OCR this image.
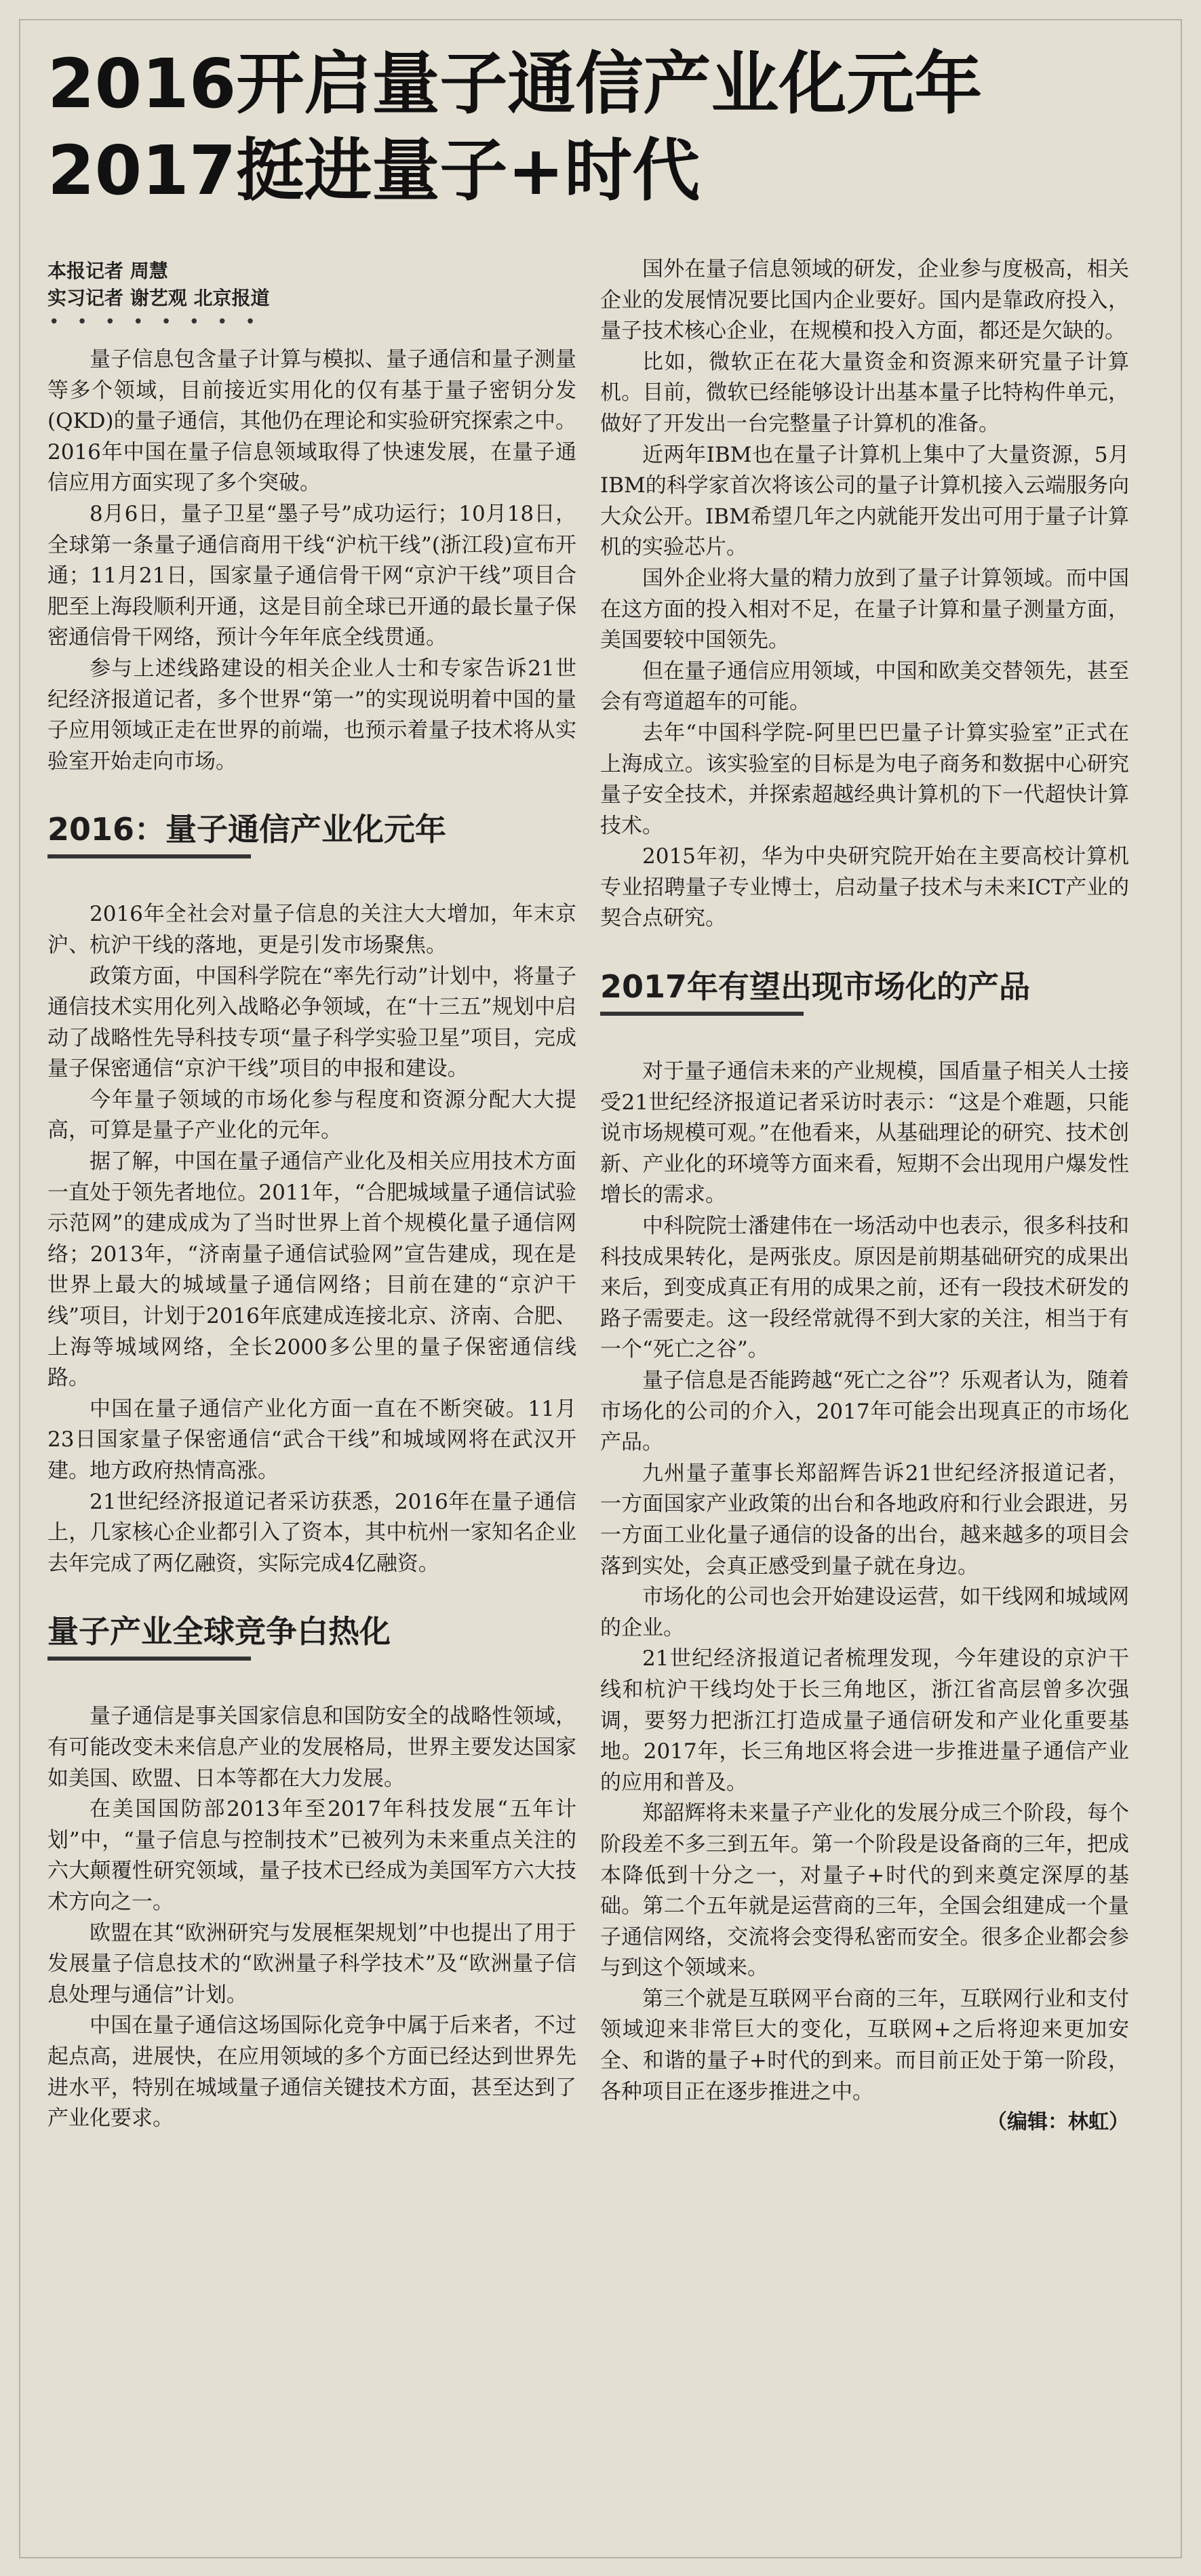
2016开启量子通信产业化元年
2017挺进量子+时代
本报记者 周慧
实习记者 谢艺观 北京报道
••••••••

量子信息包含量子计算与模拟、量子通信和量子测量等多个领域，目前接近实用化的仅有基于量子密钥分发(QKD)的量子通信，其他仍在理论和实验研究探索之中。2016年中国在量子信息领域取得了快速发展，在量子通信应用方面实现了多个突破。

8月6日，量子卫星“墨子号”成功运行；10月18日，全球第一条量子通信商用干线“沪杭干线”(浙江段)宣布开通；11月21日，国家量子通信骨干网“京沪干线”项目合肥至上海段顺利开通，这是目前全球已开通的最长量子保密通信骨干网络，预计今年年底全线贯通。

参与上述线路建设的相关企业人士和专家告诉21世纪经济报道记者，多个世界“第一”的实现说明着中国的量子应用领域正走在世界的前端，也预示着量子技术将从实验室开始走向市场。

2016：量子通信产业化元年

2016年全社会对量子信息的关注大大增加，年末京沪、杭沪干线的落地，更是引发市场聚焦。

政策方面，中国科学院在“率先行动”计划中，将量子通信技术实用化列入战略必争领域，在“十三五”规划中启动了战略性先导科技专项“量子科学实验卫星”项目，完成量子保密通信“京沪干线”项目的申报和建设。

今年量子领域的市场化参与程度和资源分配大大提高，可算是量子产业化的元年。

据了解，中国在量子通信产业化及相关应用技术方面一直处于领先者地位。2011年，“合肥城域量子通信试验示范网”的建成成为了当时世界上首个规模化量子通信网络；2013年，“济南量子通信试验网”宣告建成，现在是世界上最大的城域量子通信网络；目前在建的“京沪干线”项目，计划于2016年底建成连接北京、济南、合肥、上海等城域网络，全长2000多公里的量子保密通信线路。

中国在量子通信产业化方面一直在不断突破。11月23日国家量子保密通信“武合干线”和城域网将在武汉开建。地方政府热情高涨。

21世纪经济报道记者采访获悉，2016年在量子通信上，几家核心企业都引入了资本，其中杭州一家知名企业去年完成了两亿融资，实际完成4亿融资。

量子产业全球竞争白热化

量子通信是事关国家信息和国防安全的战略性领域，有可能改变未来信息产业的发展格局，世界主要发达国家如美国、欧盟、日本等都在大力发展。

在美国国防部2013年至2017年科技发展“五年计划”中，“量子信息与控制技术”已被列为未来重点关注的六大颠覆性研究领域，量子技术已经成为美国军方六大技术方向之一。

欧盟在其“欧洲研究与发展框架规划”中也提出了用于发展量子信息技术的“欧洲量子科学技术”及“欧洲量子信息处理与通信”计划。

中国在量子通信这场国际化竞争中属于后来者，不过起点高，进展快，在应用领域的多个方面已经达到世界先进水平，特别在城域量子通信关键技术方面，甚至达到了产业化要求。

国外在量子信息领域的研发，企业参与度极高，相关企业的发展情况要比国内企业要好。国内是靠政府投入，量子技术核心企业，在规模和投入方面，都还是欠缺的。

比如，微软正在花大量资金和资源来研究量子计算机。目前，微软已经能够设计出基本量子比特构件单元，做好了开发出一台完整量子计算机的准备。

近两年IBM也在量子计算机上集中了大量资源，5月IBM的科学家首次将该公司的量子计算机接入云端服务向大众公开。IBM希望几年之内就能开发出可用于量子计算机的实验芯片。

国外企业将大量的精力放到了量子计算领域。而中国在这方面的投入相对不足，在量子计算和量子测量方面，美国要较中国领先。

但在量子通信应用领域，中国和欧美交替领先，甚至会有弯道超车的可能。

去年“中国科学院-阿里巴巴量子计算实验室”正式在上海成立。该实验室的目标是为电子商务和数据中心研究量子安全技术，并探索超越经典计算机的下一代超快计算技术。

2015年初，华为中央研究院开始在主要高校计算机专业招聘量子专业博士，启动量子技术与未来ICT产业的契合点研究。

2017年有望出现市场化的产品

对于量子通信未来的产业规模，国盾量子相关人士接受21世纪经济报道记者采访时表示：“这是个难题，只能说市场规模可观。”在他看来，从基础理论的研究、技术创新、产业化的环境等方面来看，短期不会出现用户爆发性增长的需求。

中科院院士潘建伟在一场活动中也表示，很多科技和科技成果转化，是两张皮。原因是前期基础研究的成果出来后，到变成真正有用的成果之前，还有一段技术研发的路子需要走。这一段经常就得不到大家的关注，相当于有一个“死亡之谷”。

量子信息是否能跨越“死亡之谷”？乐观者认为，随着市场化的公司的介入，2017年可能会出现真正的市场化产品。

九州量子董事长郑韶辉告诉21世纪经济报道记者，一方面国家产业政策的出台和各地政府和行业会跟进，另一方面工业化量子通信的设备的出台，越来越多的项目会落到实处，会真正感受到量子就在身边。

市场化的公司也会开始建设运营，如干线网和城域网的企业。

21世纪经济报道记者梳理发现，今年建设的京沪干线和杭沪干线均处于长三角地区，浙江省高层曾多次强调，要努力把浙江打造成量子通信研发和产业化重要基地。2017年，长三角地区将会进一步推进量子通信产业的应用和普及。

郑韶辉将未来量子产业化的发展分成三个阶段，每个阶段差不多三到五年。第一个阶段是设备商的三年，把成本降低到十分之一，对量子+时代的到来奠定深厚的基础。第二个五年就是运营商的三年，全国会组建成一个量子通信网络，交流将会变得私密而安全。很多企业都会参与到这个领域来。

第三个就是互联网平台商的三年，互联网行业和支付领域迎来非常巨大的变化，互联网+之后将迎来更加安全、和谐的量子+时代的到来。而目前正处于第一阶段，各种项目正在逐步推进之中。

（编辑：林虹）
